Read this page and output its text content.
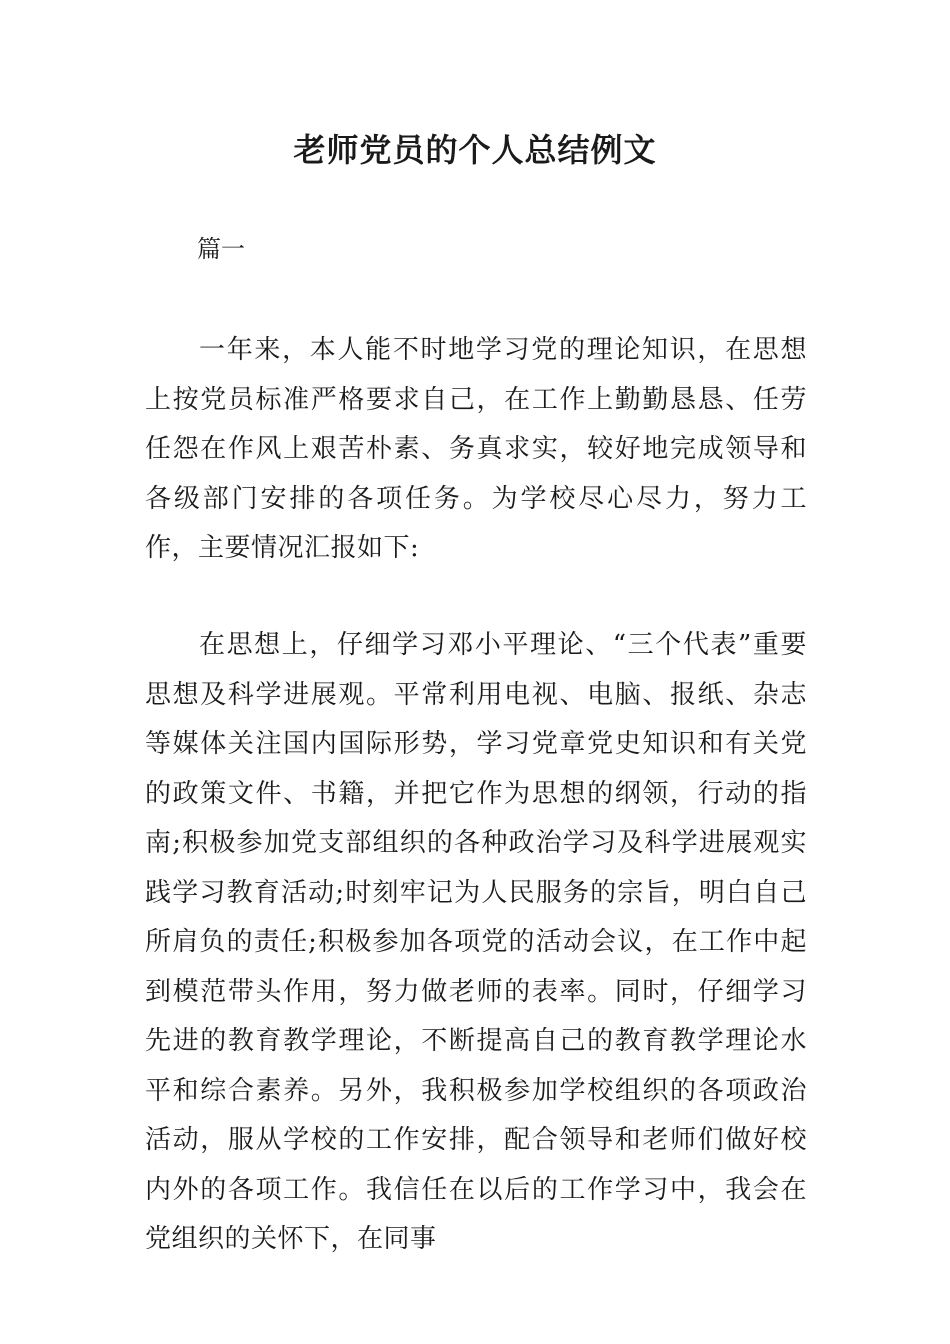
老师党员的个人总结例文

篇一

一年来，本人能不时地学习党的理论知识，在思想上按党员标准严格要求自己，在工作上勤勤恳恳、任劳任怨在作风上艰苦朴素、务真求实，较好地完成领导和各级部门安排的各项任务。为学校尽心尽力，努力工作，主要情况汇报如下:

在思想上，仔细学习邓小平理论、“三个代表”重要思想及科学进展观。平常利用电视、电脑、报纸、杂志等媒体关注国内国际形势，学习党章党史知识和有关党的政策文件、书籍，并把它作为思想的纲领，行动的指南;积极参加党支部组织的各种政治学习及科学进展观实践学习教育活动;时刻牢记为人民服务的宗旨，明白自己所肩负的责任;积极参加各项党的活动会议，在工作中起到模范带头作用，努力做老师的表率。同时，仔细学习先进的教育教学理论，不断提高自己的教育教学理论水平和综合素养。另外，我积极参加学校组织的各项政治活动，服从学校的工作安排，配合领导和老师们做好校内外的各项工作。我信任在以后的工作学习中，我会在党组织的关怀下，在同事
